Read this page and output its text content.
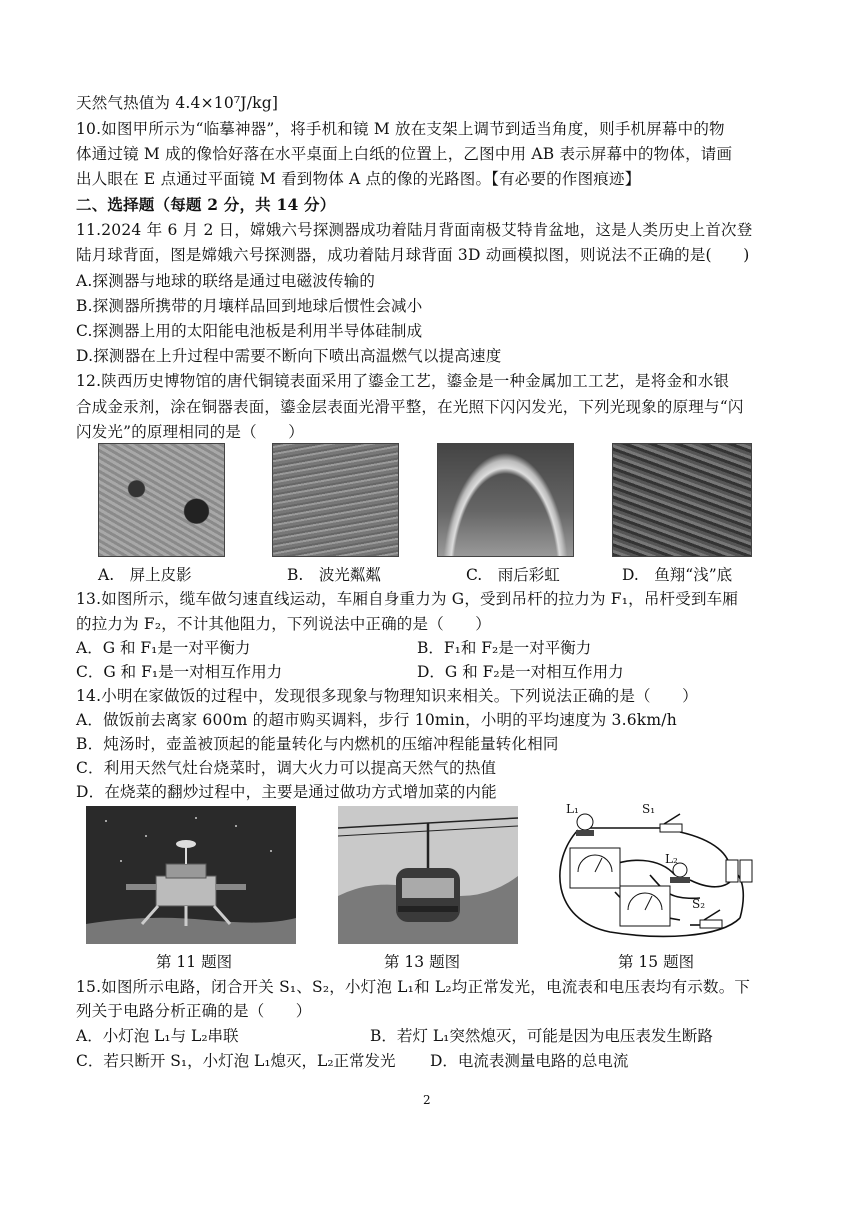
天然气热值为 4.4×10⁷J/kg]
10.如图甲所示为“临摹神器”，将手机和镜 M 放在支架上调节到适当角度，则手机屏幕中的物
体通过镜 M 成的像恰好落在水平桌面上白纸的位置上，乙图中用 AB 表示屏幕中的物体，请画
出人眼在 E 点通过平面镜 M 看到物体 A 点的像的光路图。【有必要的作图痕迹】
二、选择题（每题 2 分，共 14 分）
11.2024 年 6 月 2 日，嫦娥六号探测器成功着陆月背面南极艾特肯盆地，这是人类历史上首次登
陆月球背面，图是嫦娥六号探测器，成功着陆月球背面 3D 动画模拟图，则说法不正确的是(　　)
A.探测器与地球的联络是通过电磁波传输的
B.探测器所携带的月壤样品回到地球后惯性会减小
C.探测器上用的太阳能电池板是利用半导体硅制成
D.探测器在上升过程中需要不断向下喷出高温燃气以提高速度
12.陕西历史博物馆的唐代铜镜表面采用了鎏金工艺，鎏金是一种金属加工工艺，是将金和水银
合成金汞剂，涂在铜器表面，鎏金层表面光滑平整，在光照下闪闪发光，下列光现象的原理与“闪
闪发光”的原理相同的是（　　）
A.　屏上皮影	B.　波光粼粼	C.　雨后彩虹	D.　鱼翔“浅”底
13.如图所示，缆车做匀速直线运动，车厢自身重力为 G，受到吊杆的拉力为 F₁，吊杆受到车厢
的拉力为 F₂，不计其他阻力，下列说法中正确的是（　　）
A．G 和 F₁是一对平衡力	B．F₁和 F₂是一对平衡力
C．G 和 F₁是一对相互作用力	D．G 和 F₂是一对相互作用力
14.小明在家做饭的过程中，发现很多现象与物理知识来相关。下列说法正确的是（　　）
A．做饭前去离家 600m 的超市购买调料，步行 10min，小明的平均速度为 3.6km/h
B．炖汤时，壶盖被顶起的能量转化与内燃机的压缩冲程能量转化相同
C．利用天然气灶台烧菜时，调大火力可以提高天然气的热值
D．在烧菜的翻炒过程中，主要是通过做功方式增加菜的内能
L₁	S₁
L₂
S₂
第 11 题图	第 13 题图	第 15 题图
15.如图所示电路，闭合开关 S₁、S₂，小灯泡 L₁和 L₂均正常发光，电流表和电压表均有示数。下
列关于电路分析正确的是（　　）
A．小灯泡 L₁与 L₂串联	B．若灯 L₁突然熄灭，可能是因为电压表发生断路
C．若只断开 S₁，小灯泡 L₁熄灭，L₂正常发光 D．电流表测量电路的总电流
2
